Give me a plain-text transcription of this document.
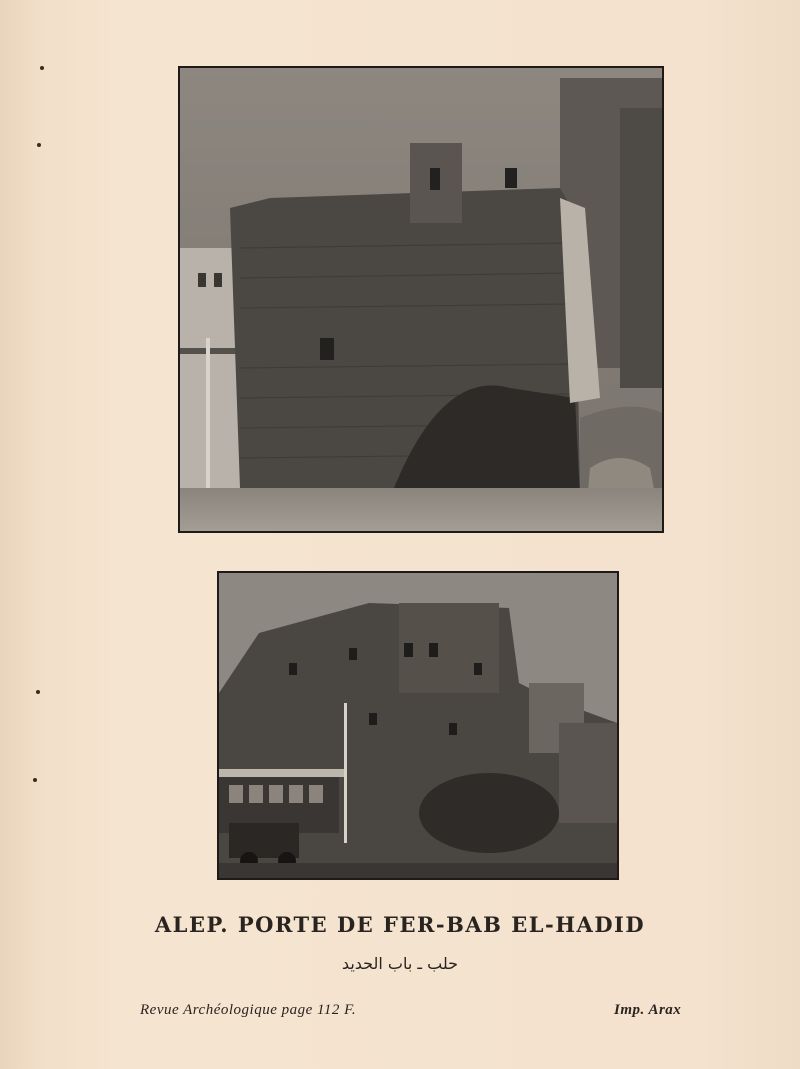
ALEP. PORTE DE FER-BAB EL-HADID
حلب ـ باب الحديد
Revue Archéologique page 112 F.	Imp. Arax
